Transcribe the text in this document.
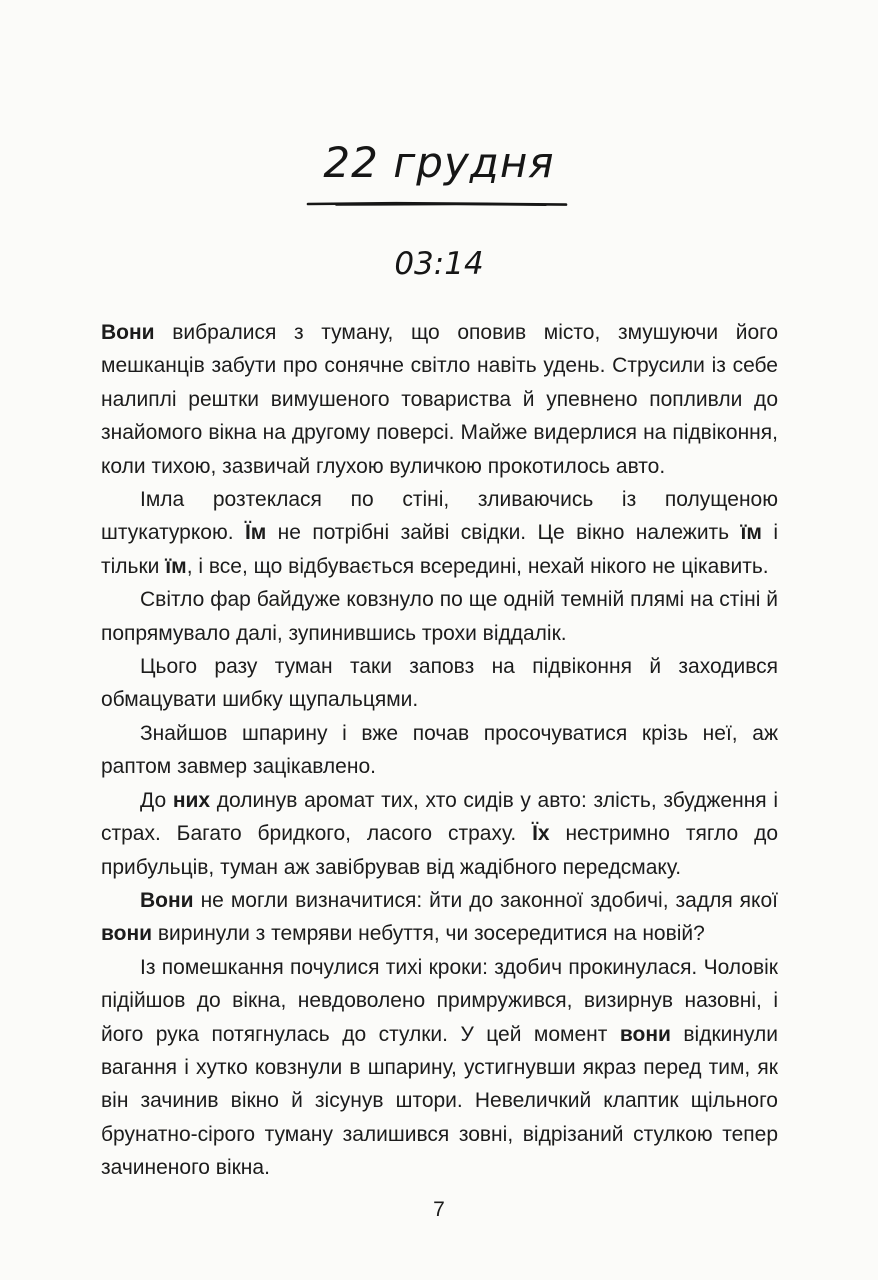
22 грудня
03:14

Вони вибралися з туману, що оповив місто, змушуючи його мешканців забути про сонячне світло навіть удень. Струсили із себе налиплі рештки вимушеного товариства й упевнено попливли до знайомого вікна на другому поверсі. Майже видерлися на підвіконня, коли тихою, зазвичай глухою вуличкою прокотилось авто.

Імла розтеклася по стіні, зливаючись із полущеною штукатуркою. Їм не потрібні зайві свідки. Це вікно належить їм і тільки їм, і все, що відбувається всередині, нехай нікого не цікавить.

Світло фар байдуже ковзнуло по ще одній темній плямі на стіні й попрямувало далі, зупинившись трохи віддалік.

Цього разу туман таки заповз на підвіконня й заходився обмацувати шибку щупальцями.

Знайшов шпарину і вже почав просочуватися крізь неї, аж раптом завмер зацікавлено.

До них долинув аромат тих, хто сидів у авто: злість, збудження і страх. Багато бридкого, ласого страху. Їх нестримно тягло до прибульців, туман аж завібрував від жадібного передсмаку.

Вони не могли визначитися: йти до законної здобичі, задля якої вони виринули з темряви небуття, чи зосередитися на новій?

Із помешкання почулися тихі кроки: здобич прокинулася. Чоловік підійшов до вікна, невдоволено примружився, визирнув назовні, і його рука потягнулась до стулки. У цей момент вони відкинули вагання і хутко ковзнули в шпарину, устигнувши якраз перед тим, як він зачинив вікно й зісунув штори. Невеличкий клаптик щільного брунатно-сірого туману залишився зовні, відрізаний стулкою тепер зачиненого вікна.

7
